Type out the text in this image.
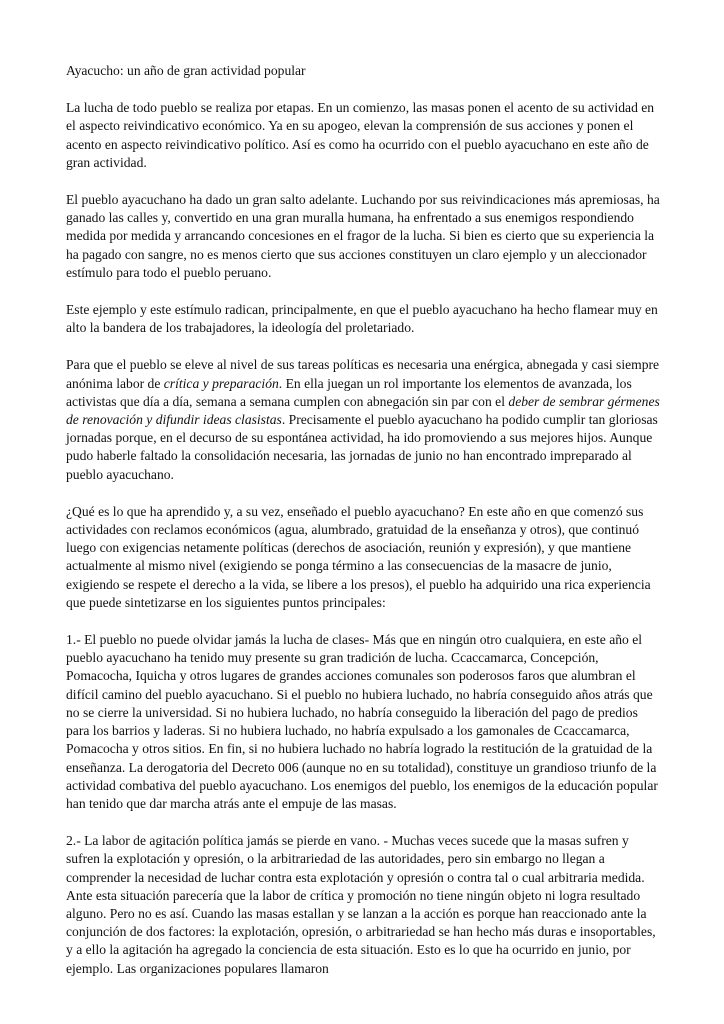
Ayacucho: un año de gran actividad popular

La lucha de todo pueblo se realiza por etapas. En un comienzo, las masas ponen el acento de su actividad en el aspecto reivindicativo económico. Ya en su apogeo, elevan la comprensión de sus acciones y ponen el acento en aspecto reivindicativo político. Así es como ha ocurrido con el pueblo ayacuchano en este año de gran actividad.

El pueblo ayacuchano ha dado un gran salto adelante. Luchando por sus reivindicaciones más apremiosas, ha ganado las calles y, convertido en una gran muralla humana, ha enfrentado a sus enemigos respondiendo medida por medida y arrancando concesiones en el fragor de la lucha. Si bien es cierto que su experiencia la ha pagado con sangre, no es menos cierto que sus acciones constituyen un claro ejemplo y un aleccionador estímulo para todo el pueblo peruano.

Este ejemplo y este estímulo radican, principalmente, en que el pueblo ayacuchano ha hecho flamear muy en alto la bandera de los trabajadores, la ideología del proletariado.

Para que el pueblo se eleve al nivel de sus tareas políticas es necesaria una enérgica, abnegada y casi siempre anónima labor de crítica y preparación. En ella juegan un rol importante los elementos de avanzada, los activistas que día a día, semana a semana cumplen con abnegación sin par con el deber de sembrar gérmenes de renovación y difundir ideas clasistas. Precisamente el pueblo ayacuchano ha podido cumplir tan gloriosas jornadas porque, en el decurso de su espontánea actividad, ha ido promoviendo a sus mejores hijos. Aunque pudo haberle faltado la consolidación necesaria, las jornadas de junio no han encontrado impreparado al pueblo ayacuchano.

¿Qué es lo que ha aprendido y, a su vez, enseñado el pueblo ayacuchano? En este año en que comenzó sus actividades con reclamos económicos (agua, alumbrado, gratuidad de la enseñanza y otros), que continuó luego con exigencias netamente políticas (derechos de asociación, reunión y expresión), y que mantiene actualmente al mismo nivel (exigiendo se ponga término a las consecuencias de la masacre de junio, exigiendo se respete el derecho a la vida, se libere a los presos), el pueblo ha adquirido una rica experiencia que puede sintetizarse en los siguientes puntos principales:

1.- El pueblo no puede olvidar jamás la lucha de clases- Más que en ningún otro cualquiera, en este año el pueblo ayacuchano ha tenido muy presente su gran tradición de lucha. Ccaccamarca, Concepción, Pomacocha, Iquicha y otros lugares de grandes acciones comunales son poderosos faros que alumbran el difícil camino del pueblo ayacuchano. Si el pueblo no hubiera luchado, no habría conseguido años atrás que no se cierre la universidad. Si no hubiera luchado, no habría conseguido la liberación del pago de predios para los barrios y laderas. Si no hubiera luchado, no habría expulsado a los gamonales de Ccaccamarca, Pomacocha y otros sitios. En fin, si no hubiera luchado no habría logrado la restitución de la gratuidad de la enseñanza. La derogatoria del Decreto 006 (aunque no en su totalidad), constituye un grandioso triunfo de la actividad combativa del pueblo ayacuchano. Los enemigos del pueblo, los enemigos de la educación popular han tenido que dar marcha atrás ante el empuje de las masas.

2.- La labor de agitación política jamás se pierde en vano. - Muchas veces sucede que la masas sufren y sufren la explotación y opresión, o la arbitrariedad de las autoridades, pero sin embargo no llegan a comprender la necesidad de luchar contra esta explotación y opresión o contra tal o cual arbitraria medida. Ante esta situación parecería que la labor de crítica y promoción no tiene ningún objeto ni logra resultado alguno. Pero no es así. Cuando las masas estallan y se lanzan a la acción es porque han reaccionado ante la conjunción de dos factores: la explotación, opresión, o arbitrariedad se han hecho más duras e insoportables, y a ello la agitación ha agregado la conciencia de esta situación. Esto es lo que ha ocurrido en junio, por ejemplo. Las organizaciones populares llamaron
